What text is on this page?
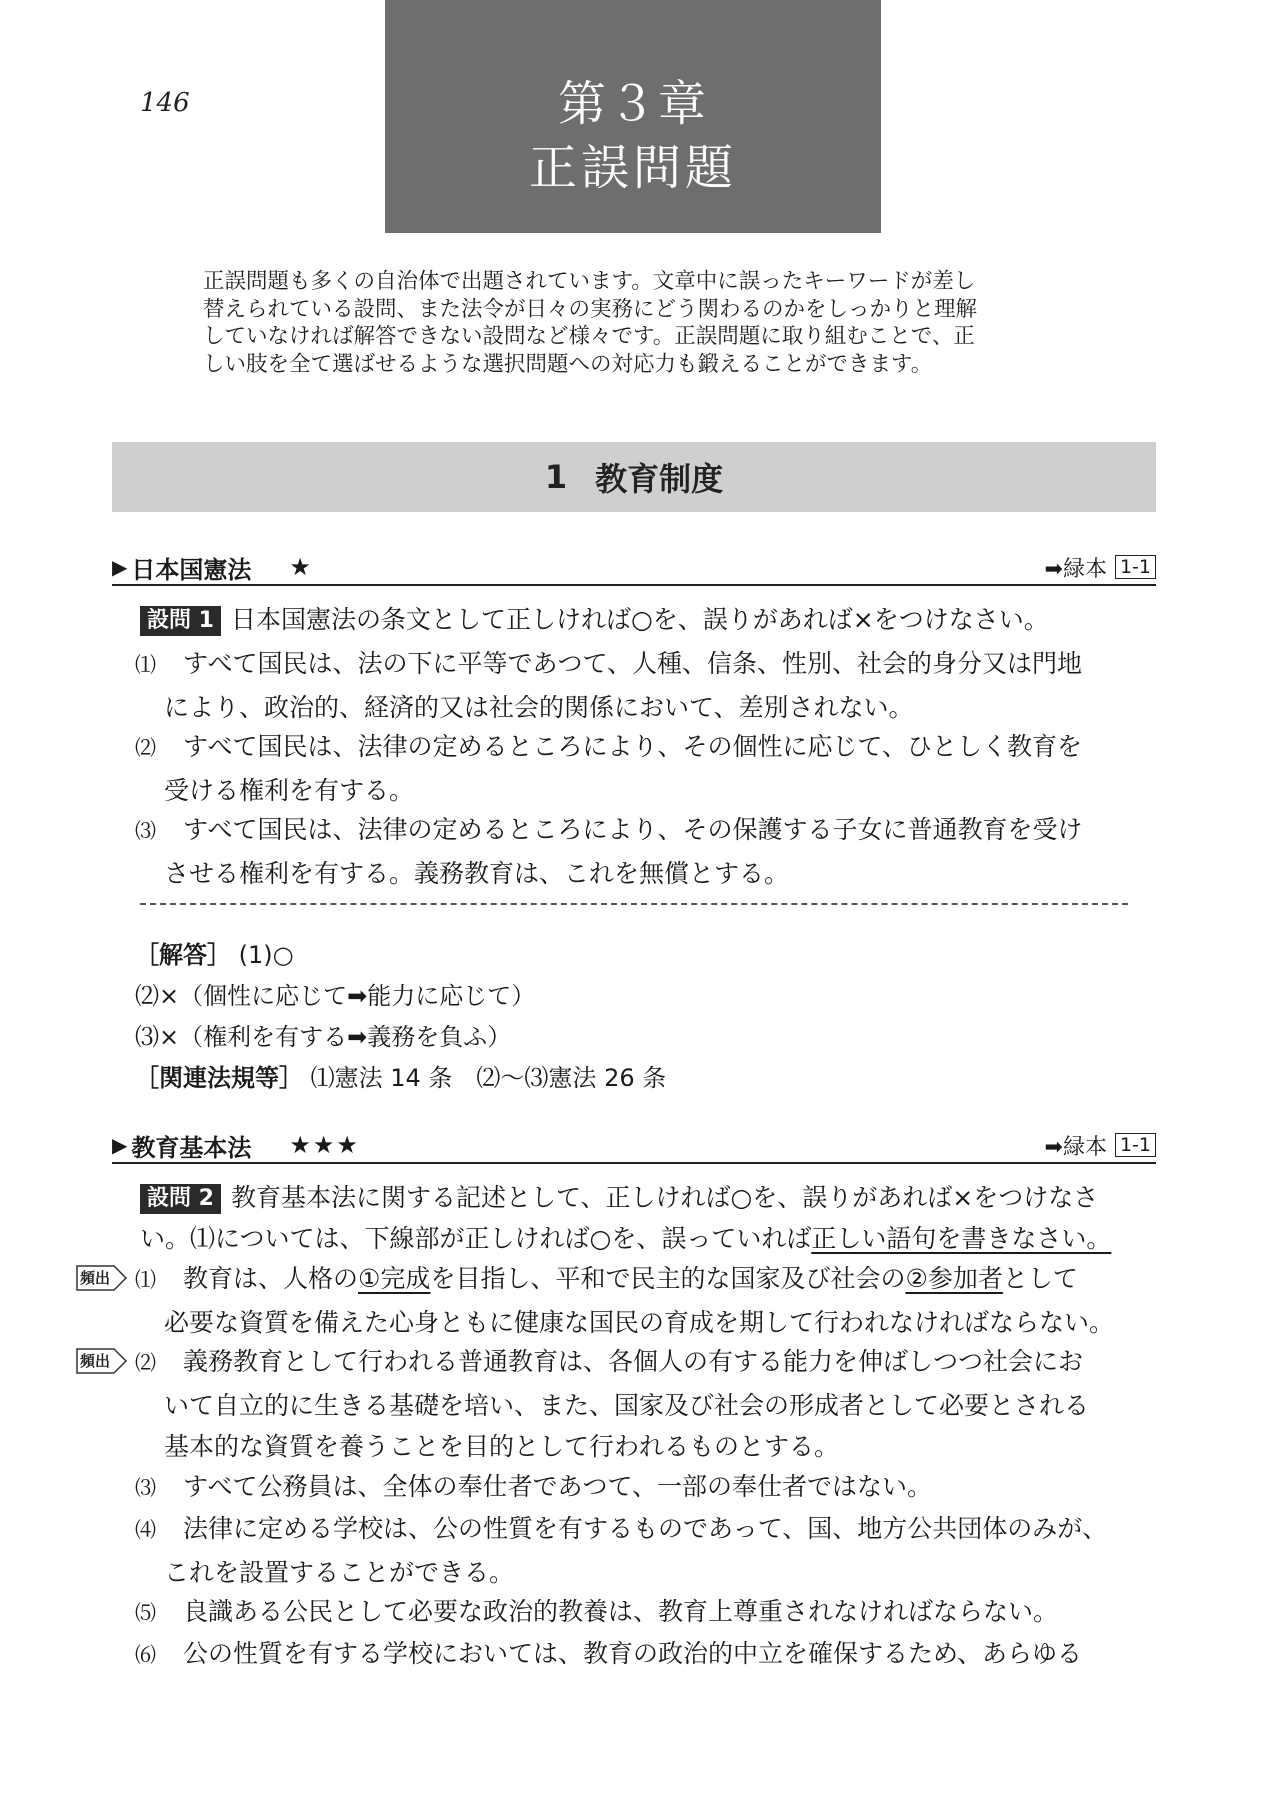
146	第３章
正誤問題

正誤問題も多くの自治体で出題されています。文章中に誤ったキーワードが差し

替えられている設問、また法令が日々の実務にどう関わるのかをしっかりと理解

していなければ解答できない設問など様々です。正誤問題に取り組むことで、正

しい肢を全て選ばせるような選択問題への対応力も鍛えることができます。

1 教育制度
▶ 日本国憲法 ★	➡緑本 1-1
設問 1 日本国憲法の条文として正しければ○を、誤りがあれば×をつけなさい。
⑴ すべて国民は、法の下に平等であつて、人種、信条、性別、社会的身分又は門地
により、政治的、経済的又は社会的関係において、差別されない。
⑵ すべて国民は、法律の定めるところにより、その個性に応じて、ひとしく教育を
受ける権利を有する。
⑶ すべて国民は、法律の定めるところにより、その保護する子女に普通教育を受け
させる権利を有する。義務教育は、これを無償とする。
［解答］ (1)○
⑵×（個性に応じて➡能力に応じて）
⑶×（権利を有する➡義務を負ふ）
［関連法規等］ ⑴憲法 14 条　⑵〜⑶憲法 26 条
▶ 教育基本法 ★★★	➡緑本 1-1
設問 2 教育基本法に関する記述として、正しければ○を、誤りがあれば×をつけなさ
い。⑴については、下線部が正しければ○を、誤っていれば正しい語句を書きなさい。
頻出
頻出
⑴ 教育は、人格の①完成を目指し、平和で民主的な国家及び社会の②参加者として
必要な資質を備えた心身ともに健康な国民の育成を期して行われなければならない。
⑵ 義務教育として行われる普通教育は、各個人の有する能力を伸ばしつつ社会にお
いて自立的に生きる基礎を培い、また、国家及び社会の形成者として必要とされる
基本的な資質を養うことを目的として行われるものとする。
⑶ すべて公務員は、全体の奉仕者であつて、一部の奉仕者ではない。
⑷ 法律に定める学校は、公の性質を有するものであって、国、地方公共団体のみが、
これを設置することができる。
⑸ 良識ある公民として必要な政治的教養は、教育上尊重されなければならない。
⑹ 公の性質を有する学校においては、教育の政治的中立を確保するため、あらゆる
